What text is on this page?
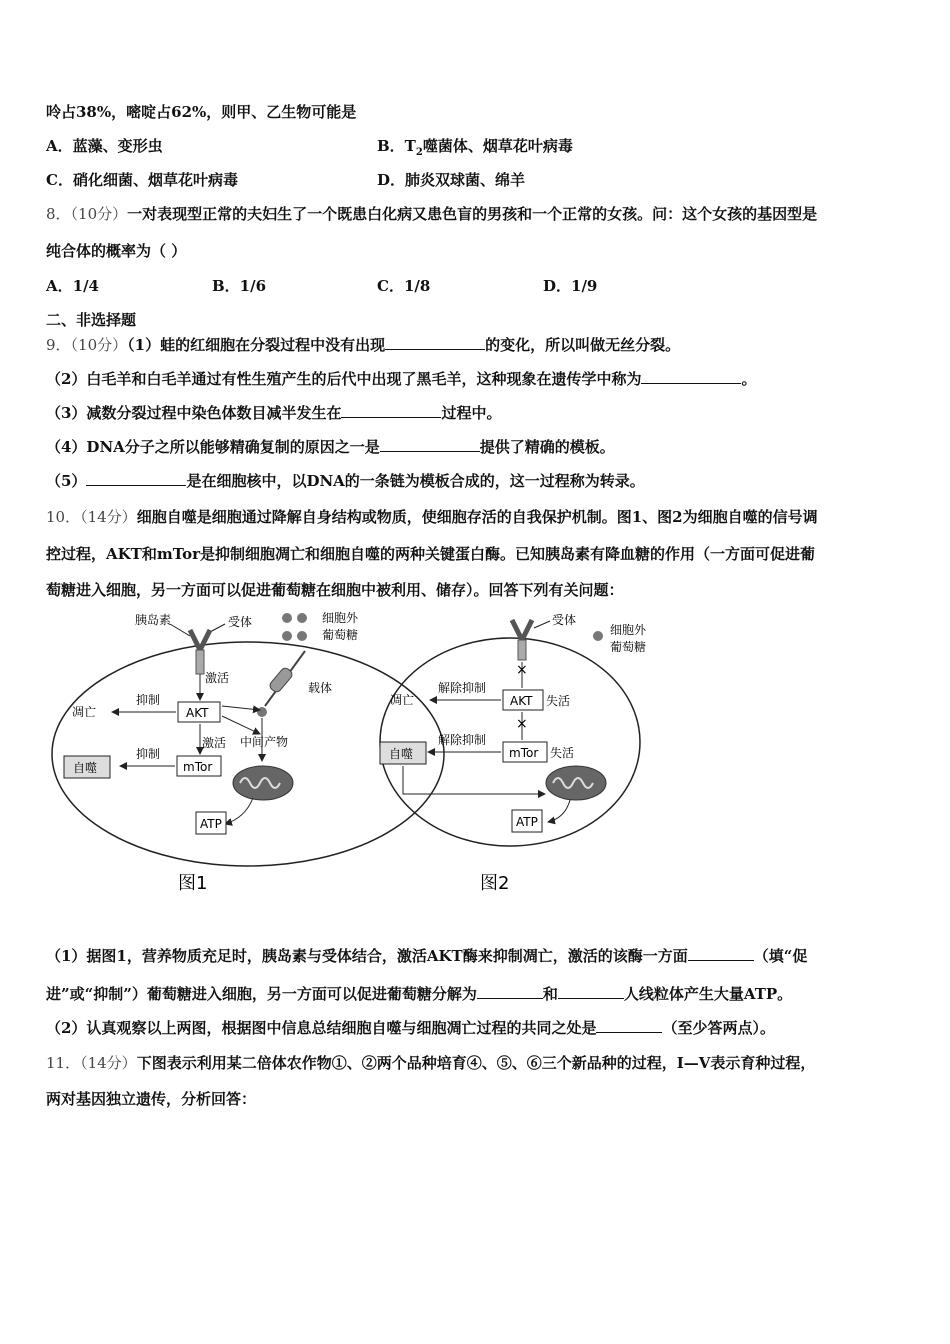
呤占38%，嘧啶占62%，则甲、乙生物可能是
A．蓝藻、变形虫	B．$T_2$噬菌体、烟草花叶病毒
C．硝化细菌、烟草花叶病毒	D．肺炎双球菌、绵羊
8．（10分）一对表现型正常的夫妇生了一个既患白化病又患色盲的男孩和一个正常的女孩。问：这个女孩的基因型是
纯合体的概率为（ ）
A．1/4	B．1/6	C．1/8	D．1/9
二、非选择题
9．（10分）（1）蛙的红细胞在分裂过程中没有出现	的变化，所以叫做无丝分裂。
（2）白毛羊和白毛羊通过有性生殖产生的后代中出现了黑毛羊，这种现象在遗传学中称为	。
（3）减数分裂过程中染色体数目减半发生在	过程中。
（4）DNA分子之所以能够精确复制的原因之一是	提供了精确的模板。
（5）	是在细胞核中，以DNA的一条链为模板合成的，这一过程称为转录。
10．（14分）细胞自噬是细胞通过降解自身结构或物质，使细胞存活的自我保护机制。图1、图2为细胞自噬的信号调
控过程，AKT和mTor是抑制细胞凋亡和细胞自噬的两种关键蛋白酶。已知胰岛素有降血糖的作用（一方面可促进葡
萄糖进入细胞，另一方面可以促进葡萄糖在细胞中被利用、储存）。回答下列有关问题：
胰岛素	受体	细胞外
葡萄糖
载体
激活
AKT
抑制
凋亡
激活 中间产物
mTor
抑制
自噬
ATP
图1
受体
细胞外
葡萄糖
×
AKT 失活
解除抑制
凋亡
×
mTor 失活
解除抑制
自噬
ATP
图2
（1）据图1，营养物质充足时，胰岛素与受体结合，激活AKT酶来抑制凋亡，激活的该酶一方面	（填“促
进”或“抑制”）葡萄糖进入细胞，另一方面可以促进葡萄糖分解为	和	人线粒体产生大量ATP。
（2）认真观察以上两图，根据图中信息总结细胞自噬与细胞凋亡过程的共同之处是	（至少答两点）。
11．（14分）下图表示利用某二倍体农作物①、②两个品种培育④、⑤、⑥三个新品种的过程，Ⅰ—Ⅴ表示育种过程，
两对基因独立遗传，分析回答：
